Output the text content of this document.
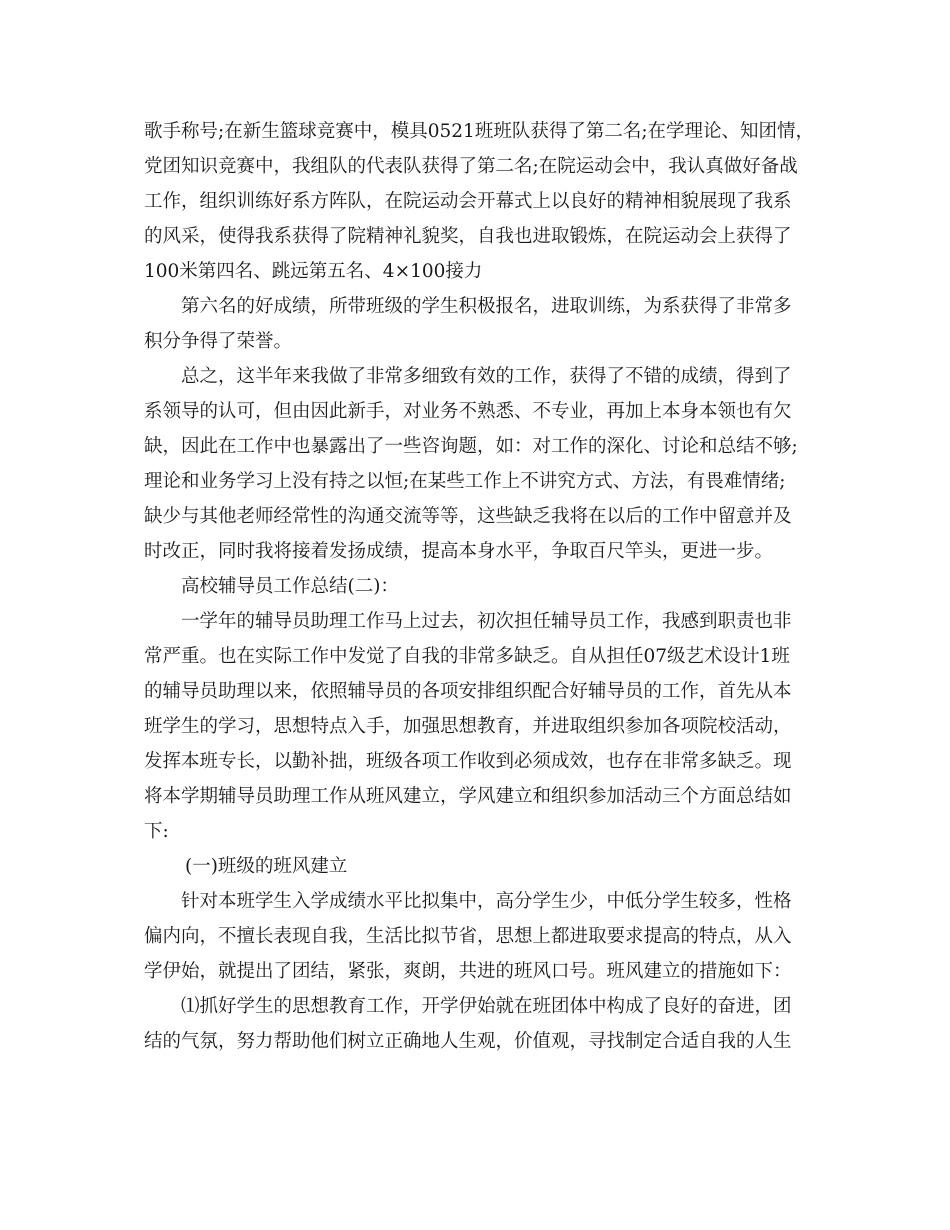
歌手称号;在新生篮球竞赛中，模具0521班班队获得了第二名;在学理论、知团情，
党团知识竞赛中，我组队的代表队获得了第二名;在院运动会中，我认真做好备战
工作，组织训练好系方阵队，在院运动会开幕式上以良好的精神相貌展现了我系
的风采，使得我系获得了院精神礼貌奖，自我也进取锻炼，在院运动会上获得了
100米第四名、跳远第五名、4×100接力
第六名的好成绩，所带班级的学生积极报名，进取训练，为系获得了非常多
积分争得了荣誉。
总之，这半年来我做了非常多细致有效的工作，获得了不错的成绩，得到了
系领导的认可，但由因此新手，对业务不熟悉、不专业，再加上本身本领也有欠
缺，因此在工作中也暴露出了一些咨询题，如：对工作的深化、讨论和总结不够;
理论和业务学习上没有持之以恒;在某些工作上不讲究方式、方法，有畏难情绪;
缺少与其他老师经常性的沟通交流等等，这些缺乏我将在以后的工作中留意并及
时改正，同时我将接着发扬成绩，提高本身水平，争取百尺竿头，更进一步。
高校辅导员工作总结(二)：
一学年的辅导员助理工作马上过去，初次担任辅导员工作，我感到职责也非
常严重。也在实际工作中发觉了自我的非常多缺乏。自从担任07级艺术设计1班
的辅导员助理以来，依照辅导员的各项安排组织配合好辅导员的工作，首先从本
班学生的学习，思想特点入手，加强思想教育，并进取组织参加各项院校活动，
发挥本班专长，以勤补拙，班级各项工作收到必须成效，也存在非常多缺乏。现
将本学期辅导员助理工作从班风建立，学风建立和组织参加活动三个方面总结如
下:
(一)班级的班风建立
针对本班学生入学成绩水平比拟集中，高分学生少，中低分学生较多，性格
偏内向，不擅长表现自我，生活比拟节省，思想上都进取要求提高的特点，从入
学伊始，就提出了团结，紧张，爽朗，共进的班风口号。班风建立的措施如下：
⑴抓好学生的思想教育工作，开学伊始就在班团体中构成了良好的奋进，团
结的气氛，努力帮助他们树立正确地人生观，价值观，寻找制定合适自我的人生
